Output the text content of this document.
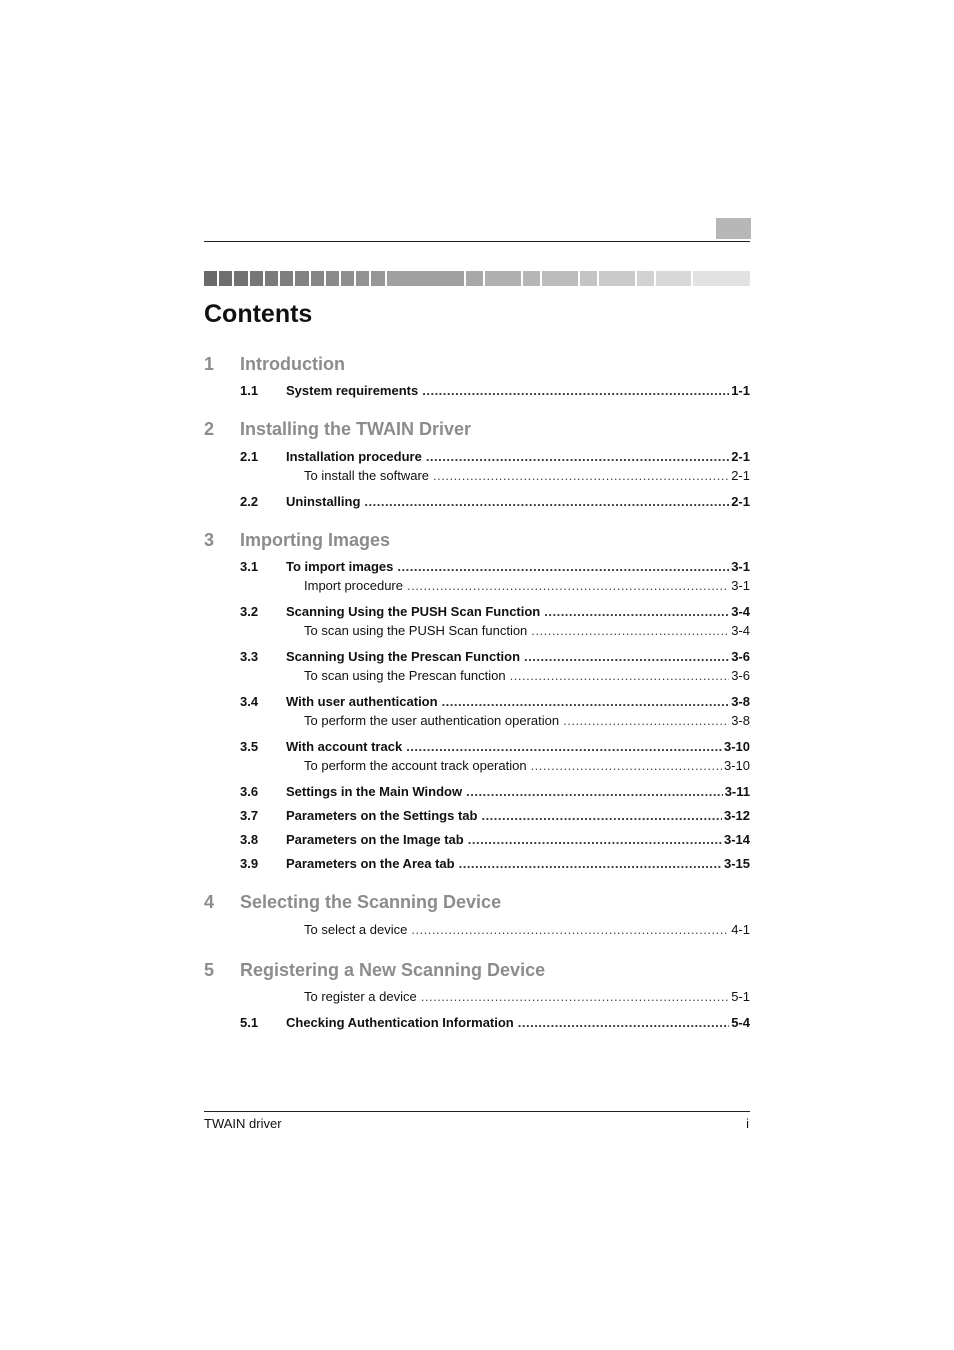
Contents
1 Introduction
1.1 System requirements .....	1-1
2 Installing the TWAIN Driver
2.1 Installation procedure .....	2-1
To install the software .....	2-1
2.2 Uninstalling .....	2-1
3 Importing Images
3.1 To import images .....	3-1
Import procedure .....	3-1
3.2 Scanning Using the PUSH Scan Function .....	3-4
To scan using the PUSH Scan function .....	3-4
3.3 Scanning Using the Prescan Function .....	3-6
To scan using the Prescan function .....	3-6
3.4 With user authentication .....	3-8
To perform the user authentication operation .....	3-8
3.5 With account track .....	3-10
To perform the account track operation .....	3-10
3.6 Settings in the Main Window .....	3-11
3.7 Parameters on the Settings tab .....	3-12
3.8 Parameters on the Image tab .....	3-14
3.9 Parameters on the Area tab .....	3-15
4 Selecting the Scanning Device
To select a device .....	4-1
5 Registering a New Scanning Device
To register a device .....	5-1
5.1 Checking Authentication Information .....	5-4
TWAIN driver	i
